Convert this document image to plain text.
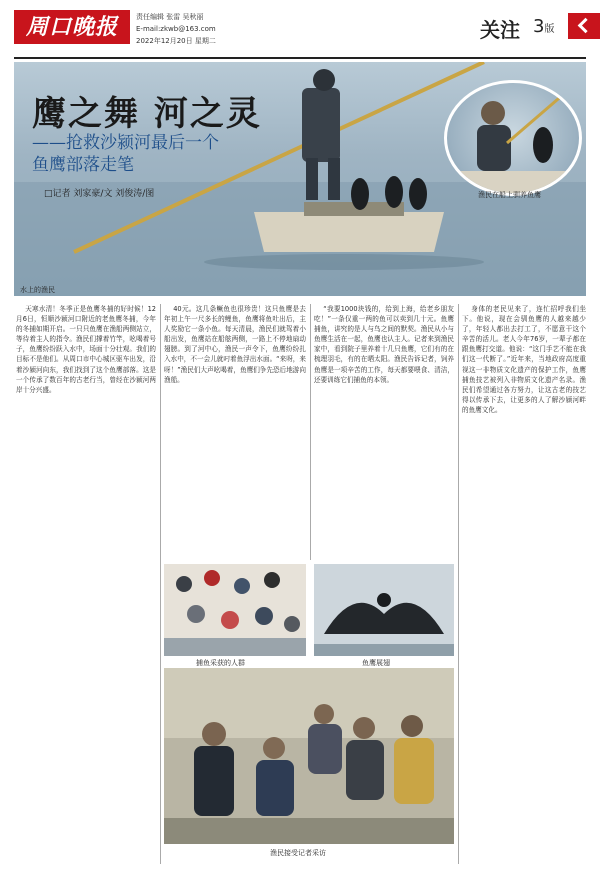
周口晚报	责任编辑 张雷 吴秋丽
E-mail:zkwb@163.com
2022年12月20日 星期二	关注 3版
鹰之舞 河之灵
——抢救沙颍河最后一个
鱼鹰部落走笔
□记者 刘家豪/文 刘俊涛/图
水上的渔民
渔民在船上驯养鱼鹰

天寒水清！冬季正是鱼鹰冬捕的好时候！12月6日，恒顺沙颍河口附近的老鱼鹰冬捕，今年的冬捕如期开启。一只只鱼鹰在渔船两侧站立，等待着主人的指令。渔民们撑着竹竿，吆喝着号子，鱼鹰纷纷跃入水中，场面十分壮观。我们的目标不是他们。从周口市中心城区驱车出发，沿着沙颍河向东，我们找到了这个鱼鹰部落。这是一个传承了数百年的古老行当，曾经在沙颍河两岸十分兴盛。

40元。这几条鳜鱼也很珍贵！这只鱼鹰是去年初上午一尺多长的鲤鱼，鱼鹰将鱼吐出后，主人奖励它一条小鱼。每天清晨，渔民们就驾着小船出发，鱼鹰站在船舷两侧，一路上不停地扇动翅膀。到了河中心，渔民一声令下，鱼鹰纷纷扎入水中，不一会儿就叼着鱼浮出水面。“来呀，来呀！”渔民们大声吆喝着，鱼鹰们争先恐后地游向渔船。

“我要1000块钱的，给到上海，给老乡朋友吃！”一条仅重一两的鱼可以卖到几十元。鱼鹰捕鱼，讲究的是人与鸟之间的默契。渔民从小与鱼鹰生活在一起，鱼鹰也认主人。记者来到渔民家中，看到院子里养着十几只鱼鹰，它们有的在梳理羽毛，有的在晒太阳。渔民告诉记者，饲养鱼鹰是一项辛苦的工作，每天都要喂食、清洁，还要训练它们捕鱼的本领。

身体的老民见来了，连忙招呼我们坐下。他说，现在会驯鱼鹰的人越来越少了，年轻人都出去打工了，不愿意干这个辛苦的活儿。老人今年76岁，一辈子都在跟鱼鹰打交道。他说：“这门手艺不能在我们这一代断了。”近年来，当地政府高度重视这一非物质文化遗产的保护工作，鱼鹰捕鱼技艺被列入非物质文化遗产名录。渔民们希望通过各方努力，让这古老的技艺得以传承下去，让更多的人了解沙颍河畔的鱼鹰文化。

捕鱼采获的人群	鱼鹰展翅
渔民接受记者采访
